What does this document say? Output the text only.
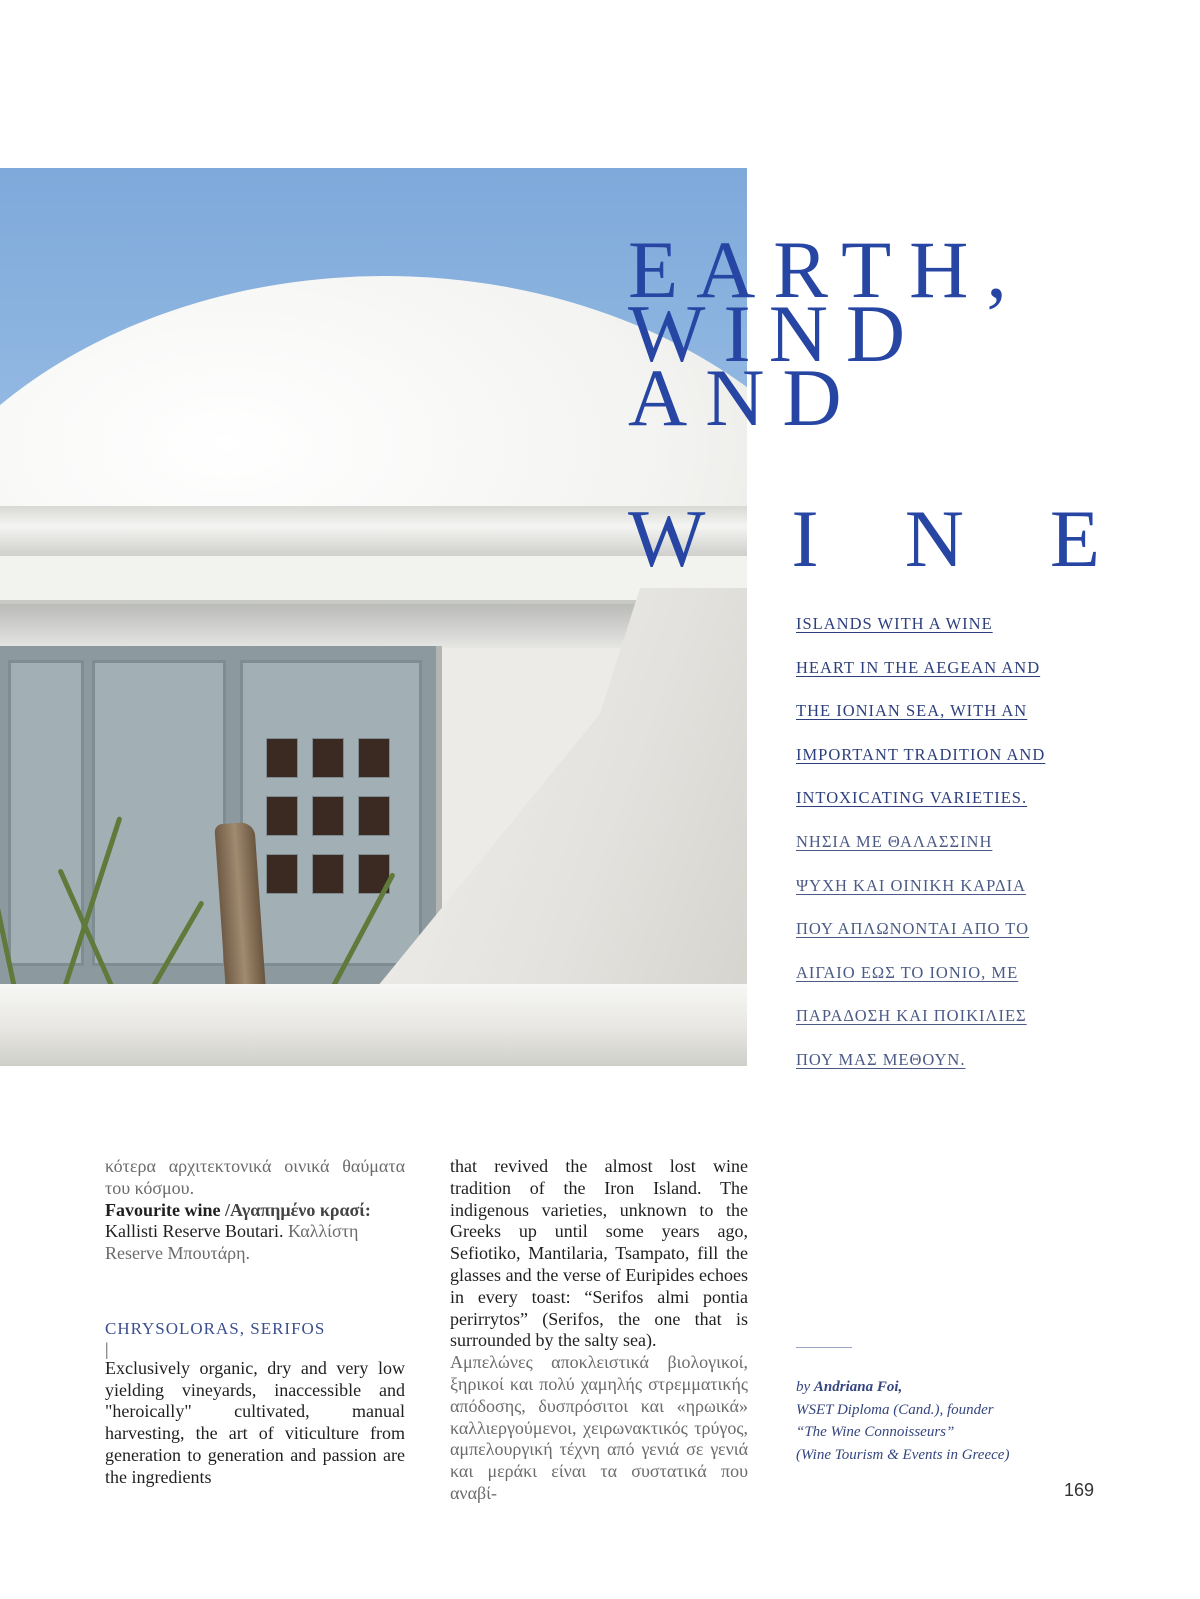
EARTH,
WIND
AND
W I N E
ISLANDS WITH A WINE
HEART IN THE AEGEAN AND
THE IONIAN SEA, WITH AN
IMPORTANT TRADITION AND
INTOXICATING VARIETIES.
ΝΗΣΙΑ ΜΕ ΘΑΛΑΣΣΙΝΗ
ΨΥΧΗ ΚΑΙ ΟΙΝΙΚΗ ΚΑΡΔΙΑ
ΠΟΥ ΑΠΛΩΝΟΝΤΑΙ ΑΠΟ ΤΟ
ΑΙΓΑΙΟ ΕΩΣ ΤΟ ΙΟΝΙΟ, ΜΕ
ΠΑΡΑΔΟΣΗ ΚΑΙ ΠΟΙΚΙΛΙΕΣ
ΠΟΥ ΜΑΣ ΜΕΘΟΥΝ.
κότερα αρχιτεκτονικά οινικά θαύματα του κόσμου.
Favourite wine /Αγαπημένο κρασί: Kallisti Reserve Boutari. Καλλίστη Reserve Μπουτάρη.
CHRYSOLORAS, SERIFOS
|
Exclusively organic, dry and very low yielding vineyards, inaccessible and "heroically" cultivated, manual harvesting, the art of viticulture from generation to generation and passion are the ingredients
that revived the almost lost wine tradition of the Iron Island. The indigenous varieties, unknown to the Greeks up until some years ago, Sefiotiko, Mantilaria, Tsampato, fill the glasses and the verse of Euripides echoes in every toast: “Serifos almi pontia perirrytos” (Serifos, the one that is surrounded by the salty sea).
Αμπελώνες αποκλειστικά βιολογικοί, ξηρικοί και πολύ χαμηλής στρεμματικής απόδοσης, δυσπρόσιτοι και «ηρωικά» καλλιεργούμενοι, χειρωνακτικός τρύγος, αμπελουργική τέχνη από γενιά σε γενιά και μεράκι είναι τα συστατικά που αναβί-
by Andriana Foi,
WSET Diploma (Cand.), founder
“The Wine Connoisseurs”
(Wine Tourism & Events in Greece)
169
